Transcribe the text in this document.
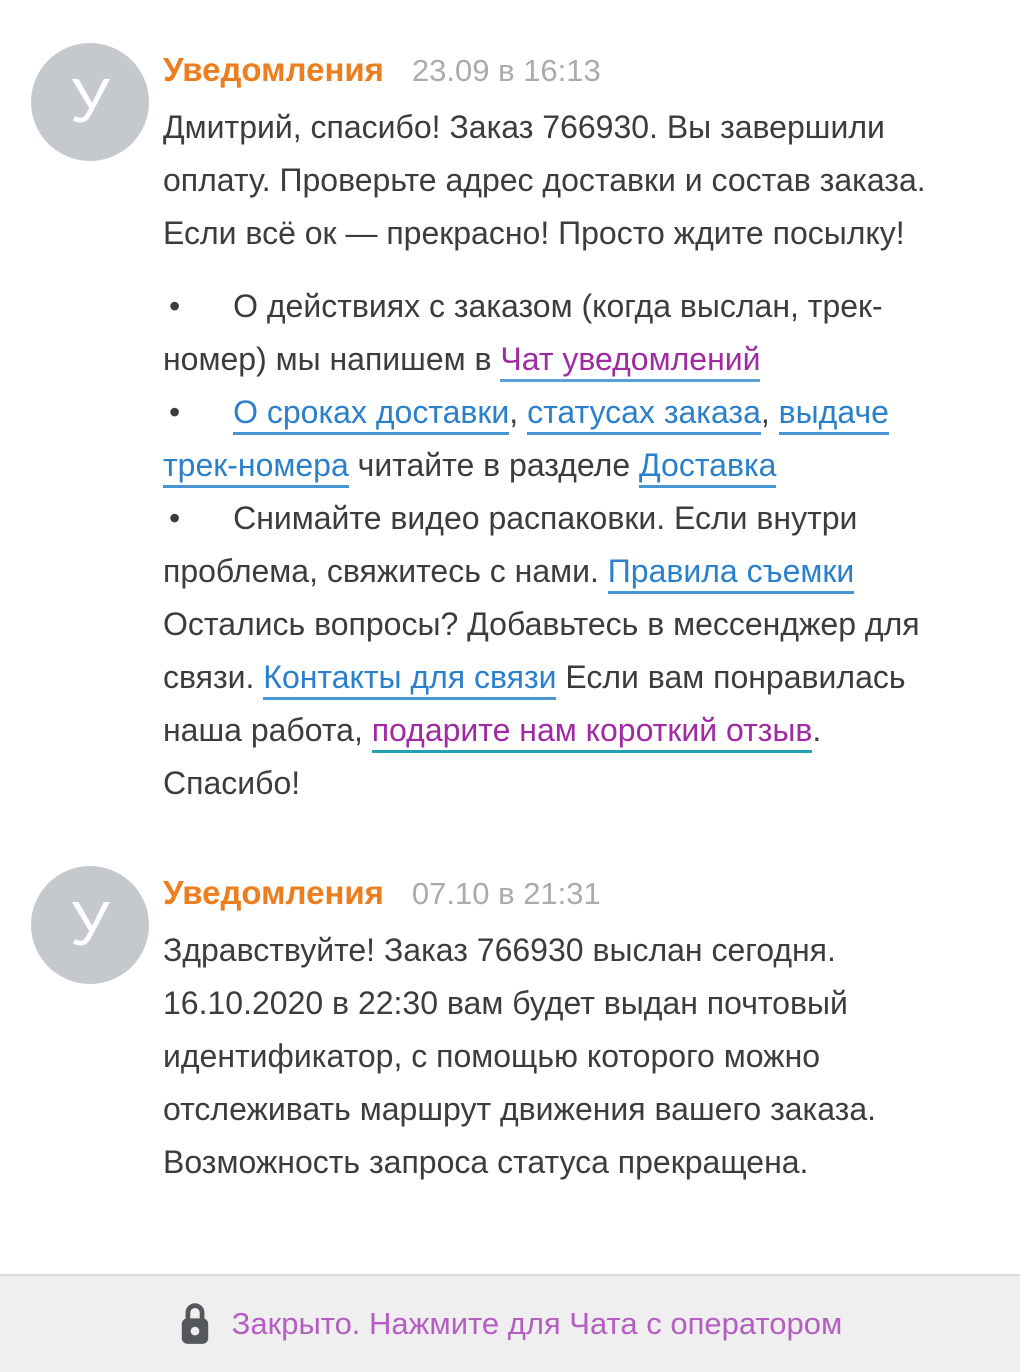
У	Уведомления 23.09 в 16:13

Дмитрий, спасибо! Заказ 766930. Вы завершили оплату. Проверьте адрес доставки и состав заказа.
Если всё ок — прекрасно! Просто ждите посылку!

• О действиях с заказом (когда выслан, трек-номер) мы напишем в Чат уведомлений
• О сроках доставки, статусах заказа, выдаче трек-номера читайте в разделе Доставка
• Снимайте видео распаковки. Если внутри проблема, свяжитесь с нами. Правила съемки

Остались вопросы? Добавьтесь в мессенджер для связи. Контакты для связи Если вам понравилась наша работа, подарите нам короткий отзыв. Спасибо!

У	Уведомления 07.10 в 21:31

Здравствуйте! Заказ 766930 выслан сегодня. 16.10.2020 в 22:30 вам будет выдан почтовый идентификатор, с помощью которого можно отслеживать маршрут движения вашего заказа. Возможность запроса статуса прекращена.

Закрыто. Нажмите для Чата с оператором
